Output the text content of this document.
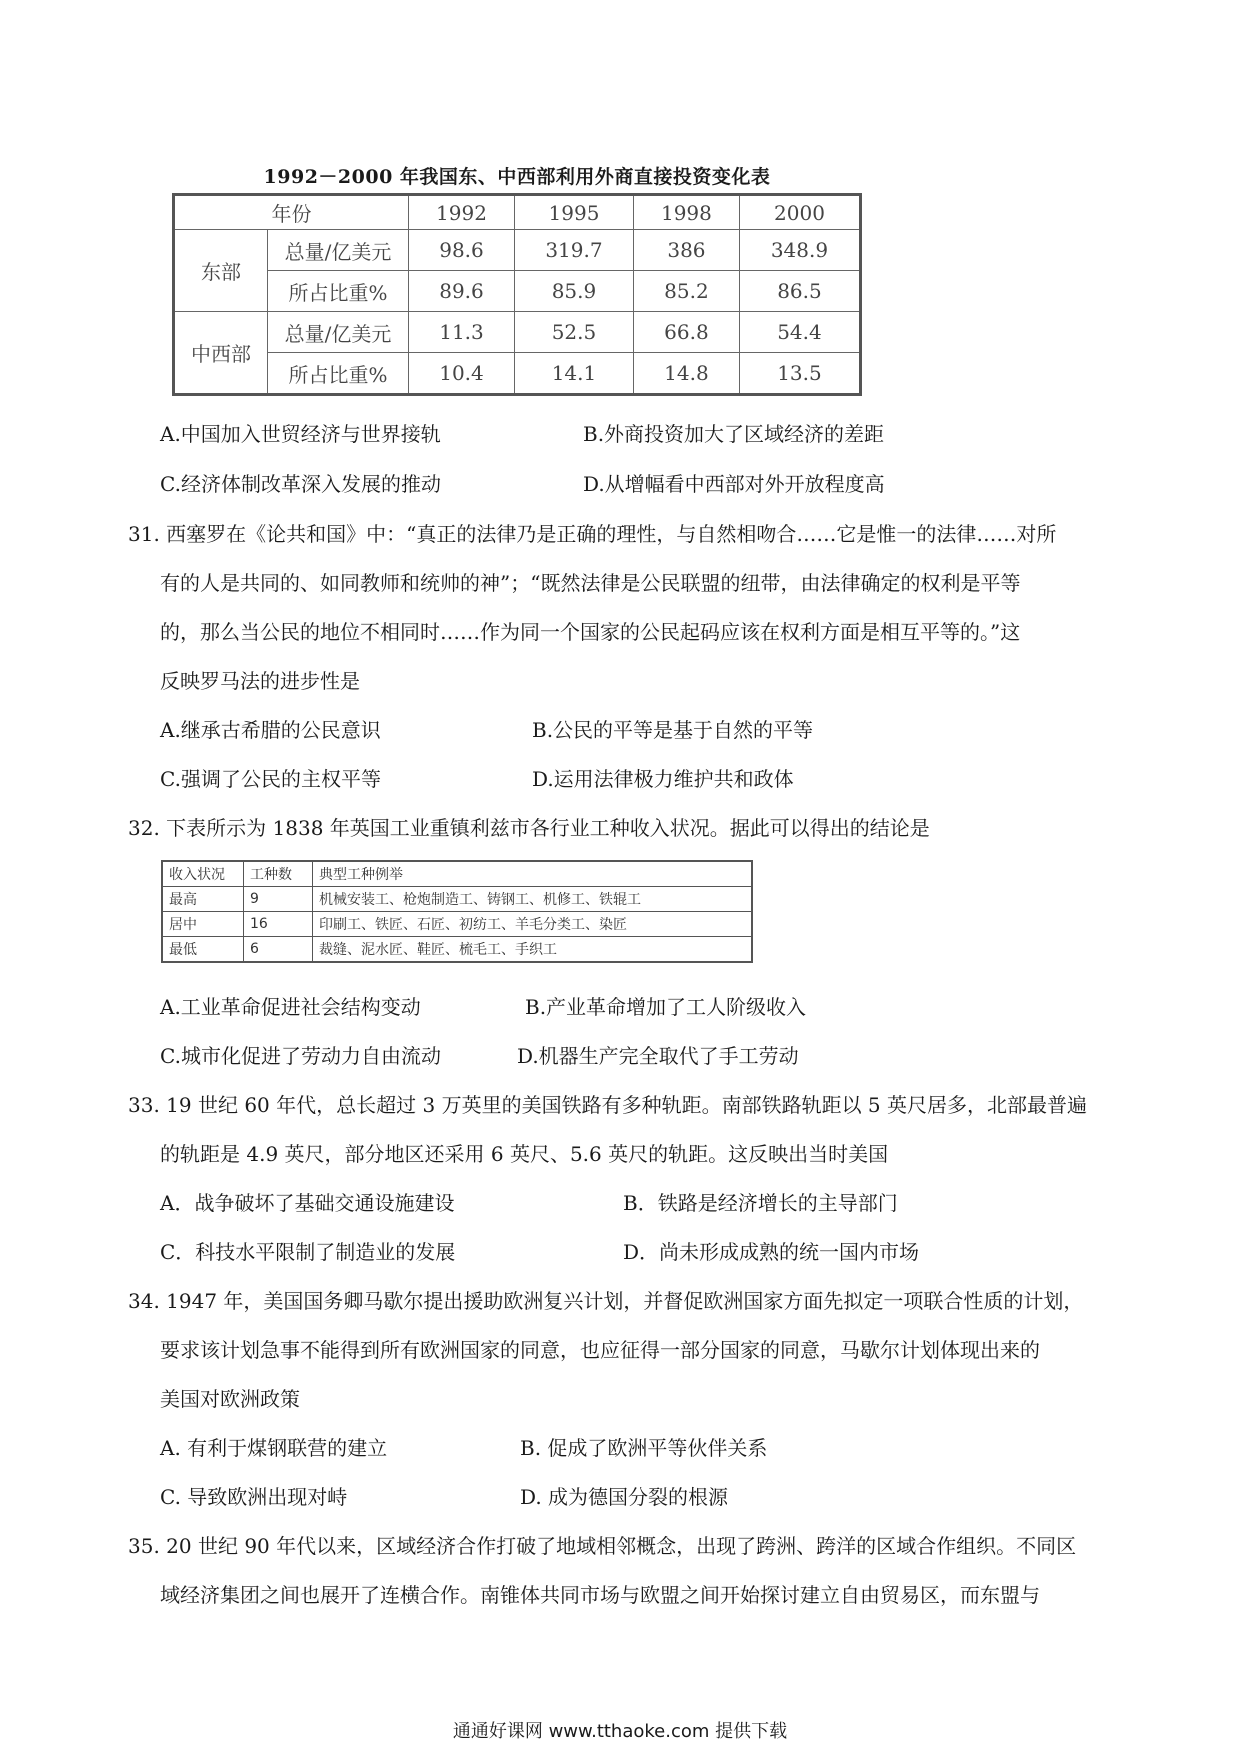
1992－2000 年我国东、中西部利用外商直接投资变化表
年份		1992	1995	1998	2000
东部	总量/亿美元	98.6	319.7	386	348.9
	所占比重%	89.6	85.9	85.2	86.5
中西部	总量/亿美元	11.3	52.5	66.8	54.4
	所占比重%	10.4	14.1	14.8	13.5
A.中国加入世贸经济与世界接轨	B.外商投资加大了区域经济的差距
C.经济体制改革深入发展的推动	D.从增幅看中西部对外开放程度高
31. 西塞罗在《论共和国》中：“真正的法律乃是正确的理性，与自然相吻合……它是惟一的法律……对所
有的人是共同的、如同教师和统帅的神”；“既然法律是公民联盟的纽带，由法律确定的权利是平等
的，那么当公民的地位不相同时……作为同一个国家的公民起码应该在权利方面是相互平等的。”这
反映罗马法的进步性是
A.继承古希腊的公民意识	B.公民的平等是基于自然的平等
C.强调了公民的主权平等	D.运用法律极力维护共和政体
32. 下表所示为 1838 年英国工业重镇利兹市各行业工种收入状况。据此可以得出的结论是
收入状况	工种数	典型工种例举
最高	9	机械安装工、枪炮制造工、铸钢工、机修工、铁辊工
居中	16	印刷工、铁匠、石匠、初纺工、羊毛分类工、染匠
最低	6	裁缝、泥水匠、鞋匠、梳毛工、手织工
A.工业革命促进社会结构变动	B.产业革命增加了工人阶级收入
C.城市化促进了劳动力自由流动	D.机器生产完全取代了手工劳动
33. 19 世纪 60 年代，总长超过 3 万英里的美国铁路有多种轨距。南部铁路轨距以 5 英尺居多，北部最普遍
的轨距是 4.9 英尺，部分地区还采用 6 英尺、5.6 英尺的轨距。这反映出当时美国
A．战争破坏了基础交通设施建设	B．铁路是经济增长的主导部门
C．科技水平限制了制造业的发展	D．尚未形成成熟的统一国内市场
34. 1947 年，美国国务卿马歇尔提出援助欧洲复兴计划，并督促欧洲国家方面先拟定一项联合性质的计划，
要求该计划急事不能得到所有欧洲国家的同意，也应征得一部分国家的同意，马歇尔计划体现出来的
美国对欧洲政策
A. 有利于煤钢联营的建立	B. 促成了欧洲平等伙伴关系
C. 导致欧洲出现对峙	D. 成为德国分裂的根源
35. 20 世纪 90 年代以来，区域经济合作打破了地域相邻概念，出现了跨洲、跨洋的区域合作组织。不同区
域经济集团之间也展开了连横合作。南锥体共同市场与欧盟之间开始探讨建立自由贸易区，而东盟与
通通好课网 www.tthaoke.com 提供下载
